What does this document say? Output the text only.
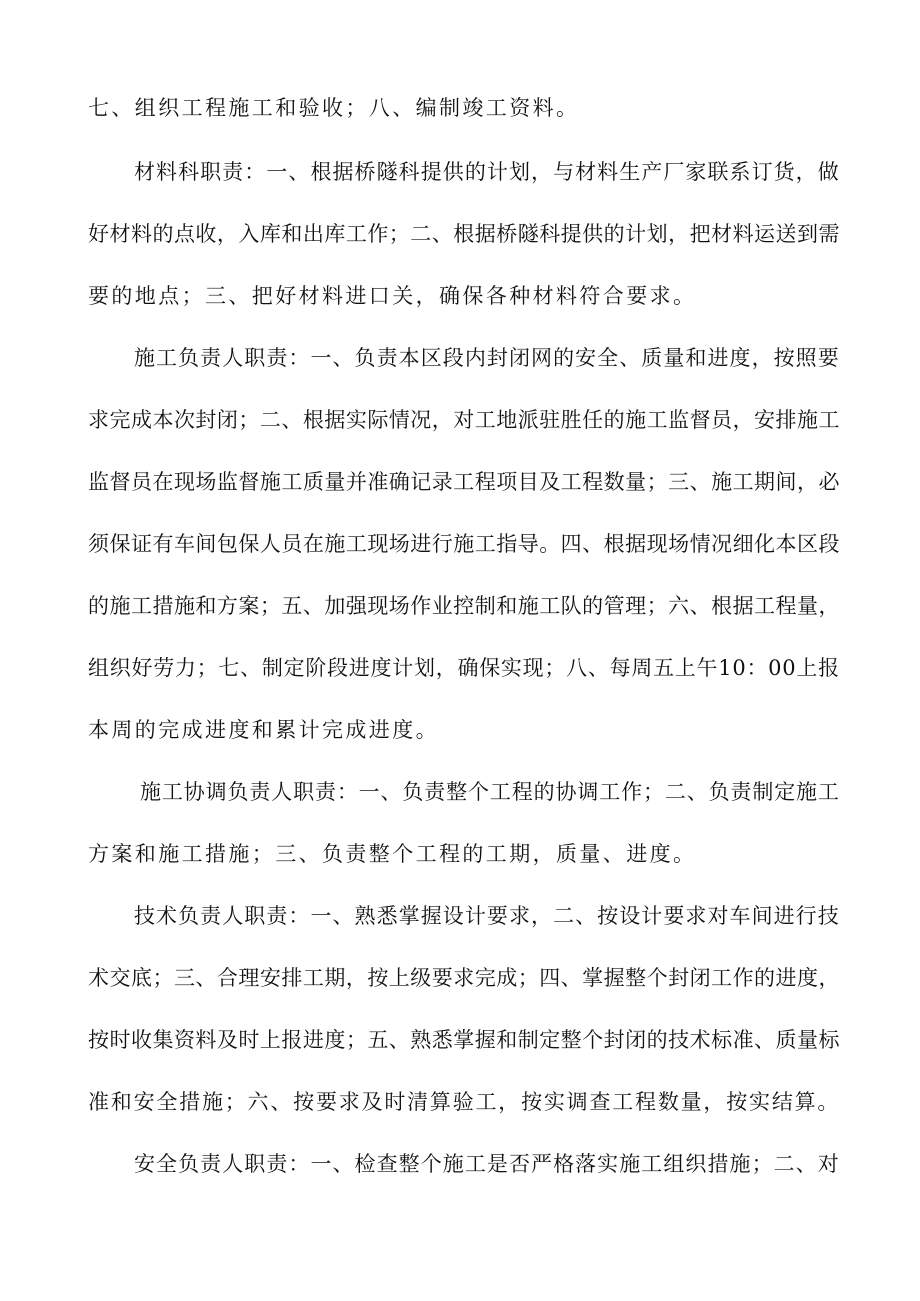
七、组织工程施工和验收；八、编制竣工资料。
材料科职责：一、根据桥隧科提供的计划，与材料生产厂家联系订货，做
好材料的点收，入库和出库工作；二、根据桥隧科提供的计划，把材料运送到需
要的地点；三、把好材料进口关，确保各种材料符合要求。
施工负责人职责：一、负责本区段内封闭网的安全、质量和进度，按照要
求完成本次封闭；二、根据实际情况，对工地派驻胜任的施工监督员，安排施工
监督员在现场监督施工质量并准确记录工程项目及工程数量；三、施工期间，必
须保证有车间包保人员在施工现场进行施工指导。四、根据现场情况细化本区段
的施工措施和方案；五、加强现场作业控制和施工队的管理；六、根据工程量，
组织好劳力；七、制定阶段进度计划，确保实现；八、每周五上午10：00上报
本周的完成进度和累计完成进度。
施工协调负责人职责：一、负责整个工程的协调工作；二、负责制定施工
方案和施工措施；三、负责整个工程的工期，质量、进度。
技术负责人职责：一、熟悉掌握设计要求，二、按设计要求对车间进行技
术交底；三、合理安排工期，按上级要求完成；四、掌握整个封闭工作的进度，
按时收集资料及时上报进度；五、熟悉掌握和制定整个封闭的技术标准、质量标
准和安全措施；六、按要求及时清算验工，按实调查工程数量，按实结算。
安全负责人职责：一、检查整个施工是否严格落实施工组织措施；二、对
